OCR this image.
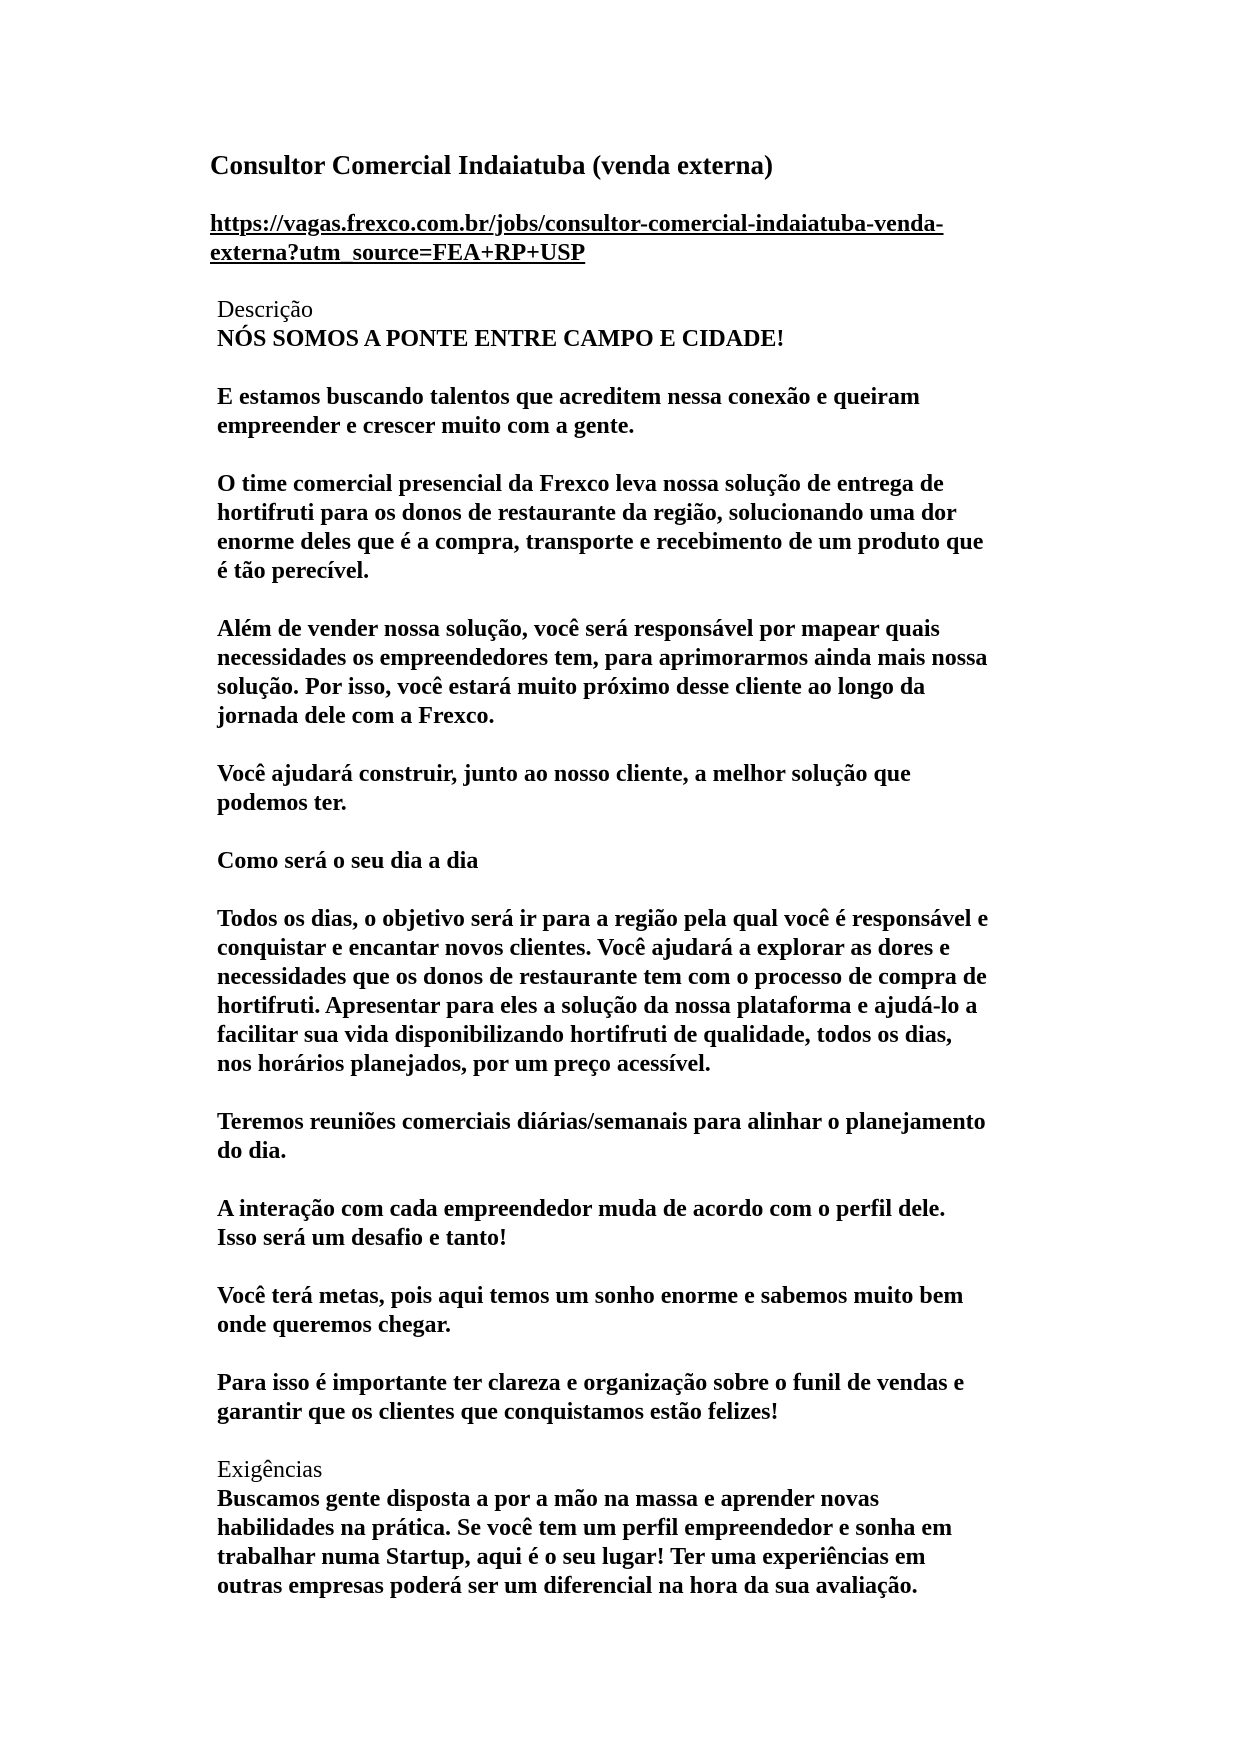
Consultor Comercial Indaiatuba (venda externa)
https://vagas.frexco.com.br/jobs/consultor-comercial-indaiatuba-venda-
externa?utm_source=FEA+RP+USP
Descrição
NÓS SOMOS A PONTE ENTRE CAMPO E CIDADE!
E estamos buscando talentos que acreditem nessa conexão e queiram
empreender e crescer muito com a gente.
O time comercial presencial da Frexco leva nossa solução de entrega de
hortifruti para os donos de restaurante da região, solucionando uma dor
enorme deles que é a compra, transporte e recebimento de um produto que
é tão perecível.
Além de vender nossa solução, você será responsável por mapear quais
necessidades os empreendedores tem, para aprimorarmos ainda mais nossa
solução. Por isso, você estará muito próximo desse cliente ao longo da
jornada dele com a Frexco.
Você ajudará construir, junto ao nosso cliente, a melhor solução que
podemos ter.
Como será o seu dia a dia
Todos os dias, o objetivo será ir para a região pela qual você é responsável e
conquistar e encantar novos clientes. Você ajudará a explorar as dores e
necessidades que os donos de restaurante tem com o processo de compra de
hortifruti. Apresentar para eles a solução da nossa plataforma e ajudá-lo a
facilitar sua vida disponibilizando hortifruti de qualidade, todos os dias,
nos horários planejados, por um preço acessível.
Teremos reuniões comerciais diárias/semanais para alinhar o planejamento
do dia.
A interação com cada empreendedor muda de acordo com o perfil dele.
Isso será um desafio e tanto!
Você terá metas, pois aqui temos um sonho enorme e sabemos muito bem
onde queremos chegar.
Para isso é importante ter clareza e organização sobre o funil de vendas e
garantir que os clientes que conquistamos estão felizes!
Exigências
Buscamos gente disposta a por a mão na massa e aprender novas
habilidades na prática. Se você tem um perfil empreendedor e sonha em
trabalhar numa Startup, aqui é o seu lugar! Ter uma experiências em
outras empresas poderá ser um diferencial na hora da sua avaliação.
